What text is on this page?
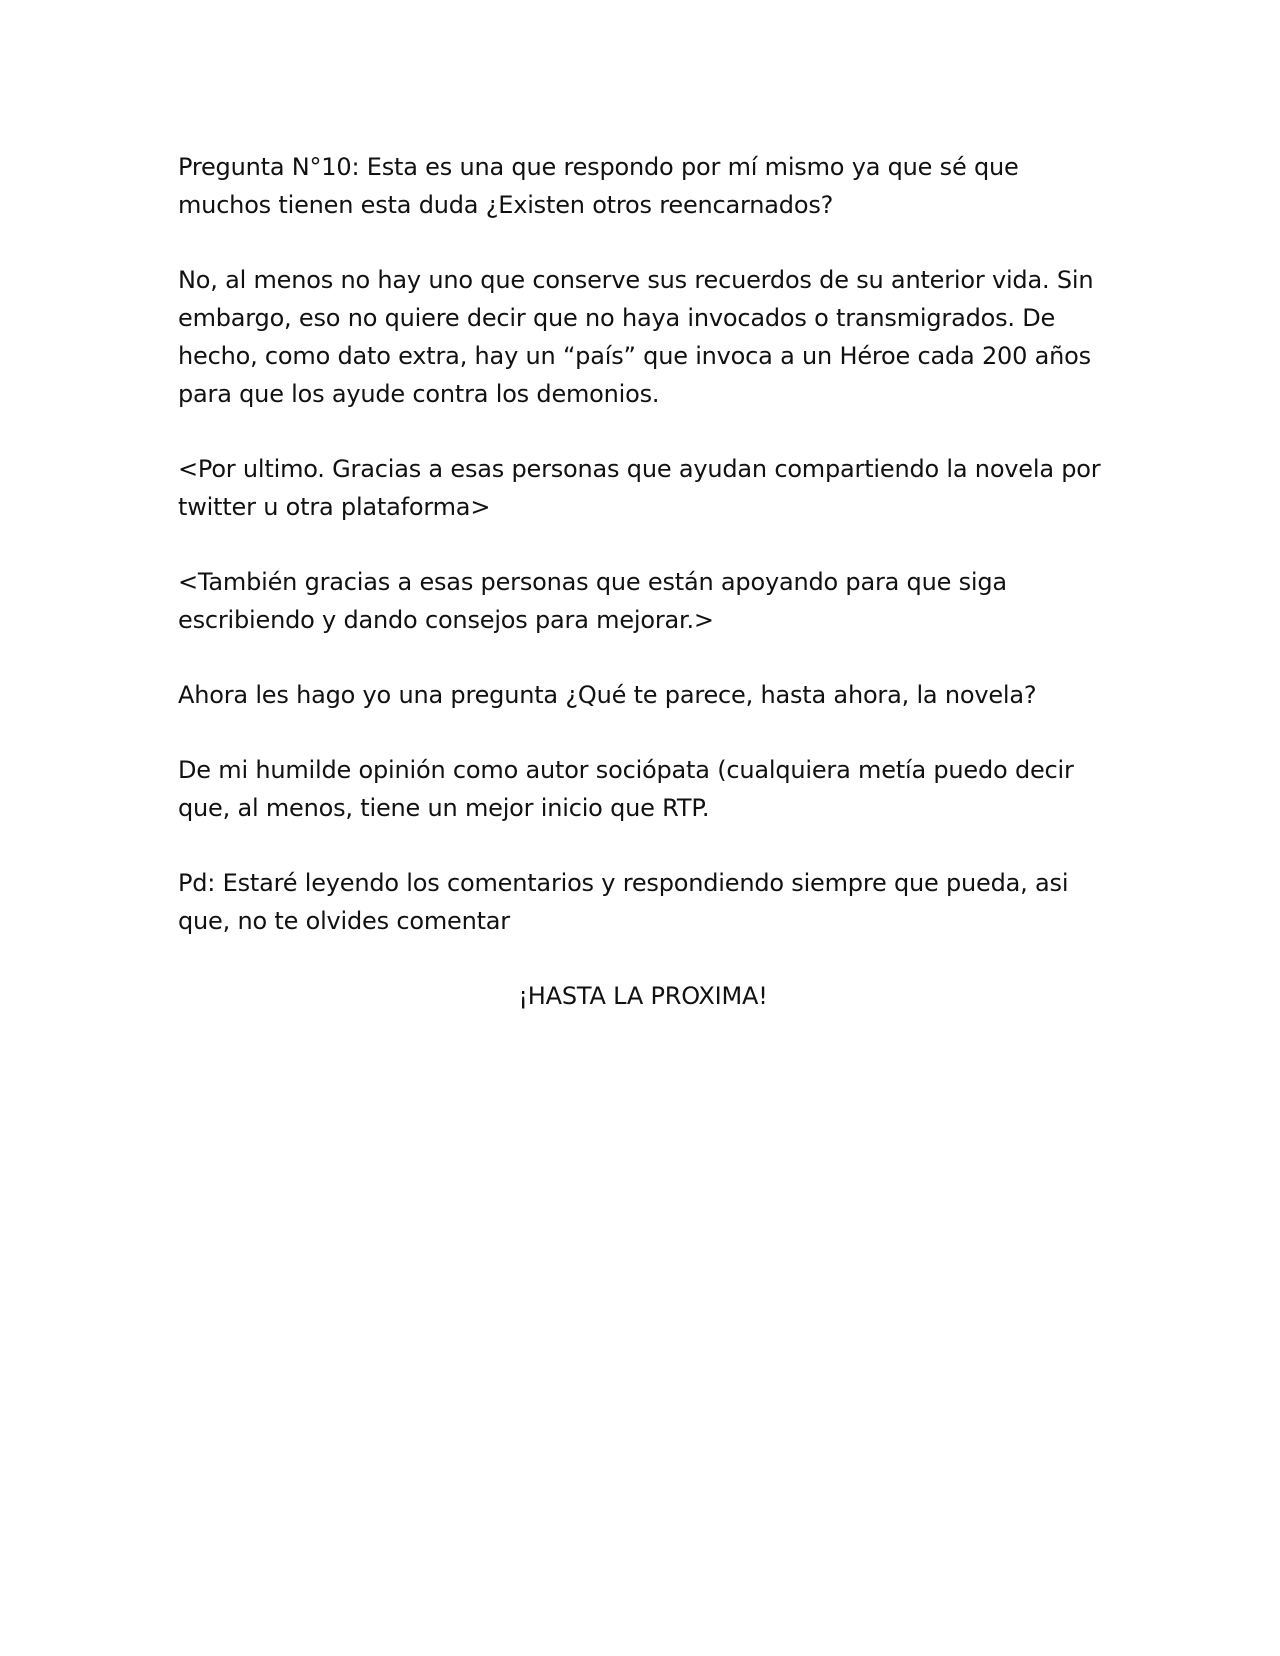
Pregunta N°10: Esta es una que respondo por mí mismo ya que sé que muchos tienen esta duda ¿Existen otros reencarnados?

No, al menos no hay uno que conserve sus recuerdos de su anterior vida. Sin embargo, eso no quiere decir que no haya invocados o transmigrados. De hecho, como dato extra, hay un “país” que invoca a un Héroe cada 200 años para que los ayude contra los demonios.

<Por ultimo. Gracias a esas personas que ayudan compartiendo la novela por twitter u otra plataforma>

<También gracias a esas personas que están apoyando para que siga escribiendo y dando consejos para mejorar.>

Ahora les hago yo una pregunta ¿Qué te parece, hasta ahora, la novela?

De mi humilde opinión como autor sociópata (cualquiera metía puedo decir que, al menos, tiene un mejor inicio que RTP.

Pd: Estaré leyendo los comentarios y respondiendo siempre que pueda, asi que, no te olvides comentar

¡HASTA LA PROXIMA!
